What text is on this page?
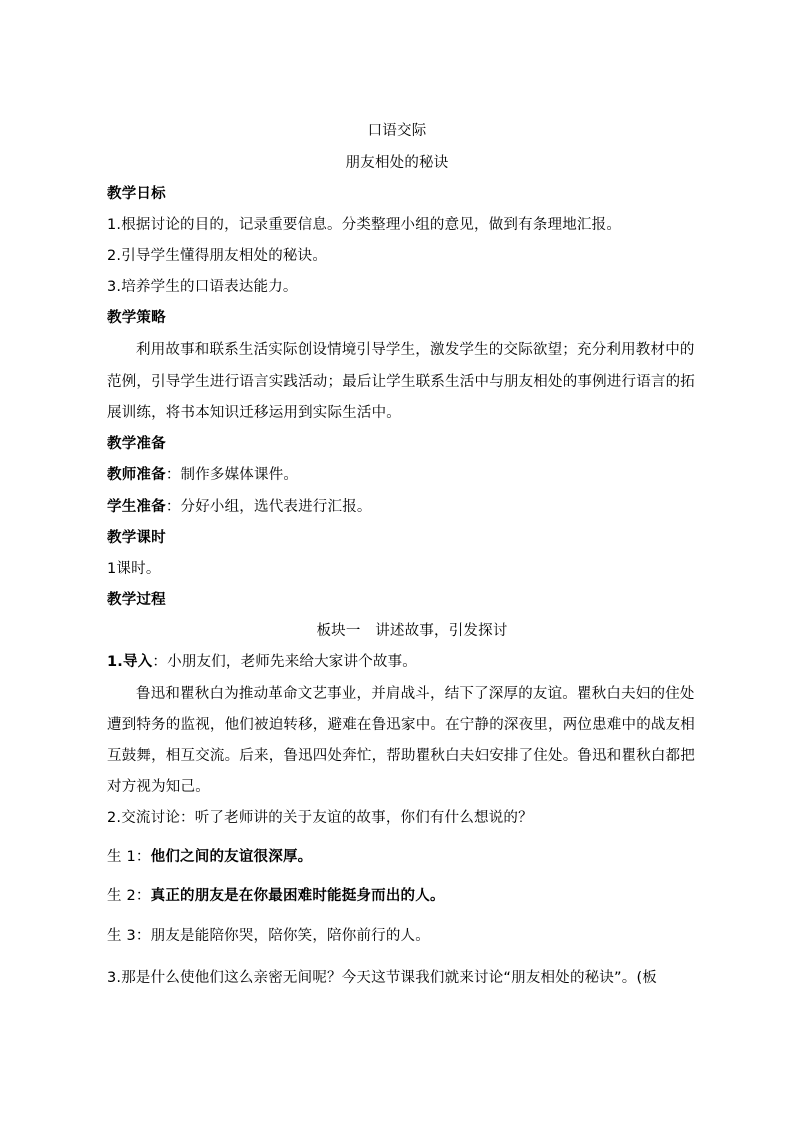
口语交际
朋友相处的秘诀
教学日标
1.根据讨论的目的，记录重要信息。分类整理小组的意见，做到有条理地汇报。
2.引导学生懂得朋友相处的秘诀。
3.培养学生的口语表达能力。
教学策略
利用故事和联系生活实际创设情境引导学生，激发学生的交际欲望；充分利用教材中的
范例，引导学生进行语言实践活动；最后让学生联系生活中与朋友相处的事例进行语言的拓
展训练，将书本知识迁移运用到实际生活中。
教学准备
教师准备：制作多媒体课件。
学生准备：分好小组，选代表进行汇报。
教学课时
1课时。
教学过程
板块一　讲述故事，引发探讨
1.导入：小朋友们，老师先来给大家讲个故事。
鲁迅和瞿秋白为推动革命文艺事业，并肩战斗，结下了深厚的友谊。瞿秋白夫妇的住处
遭到特务的监视，他们被迫转移，避难在鲁迅家中。在宁静的深夜里，两位患难中的战友相
互鼓舞，相互交流。后来，鲁迅四处奔忙，帮助瞿秋白夫妇安排了住处。鲁迅和瞿秋白都把
对方视为知己。
2.交流讨论：听了老师讲的关于友谊的故事，你们有什么想说的？
生 1：他们之间的友谊很深厚。
生 2：真正的朋友是在你最困难时能挺身而出的人。
生 3：朋友是能陪你哭，陪你笑，陪你前行的人。
3.那是什么使他们这么亲密无间呢？今天这节课我们就来讨论“朋友相处的秘诀”。(板
